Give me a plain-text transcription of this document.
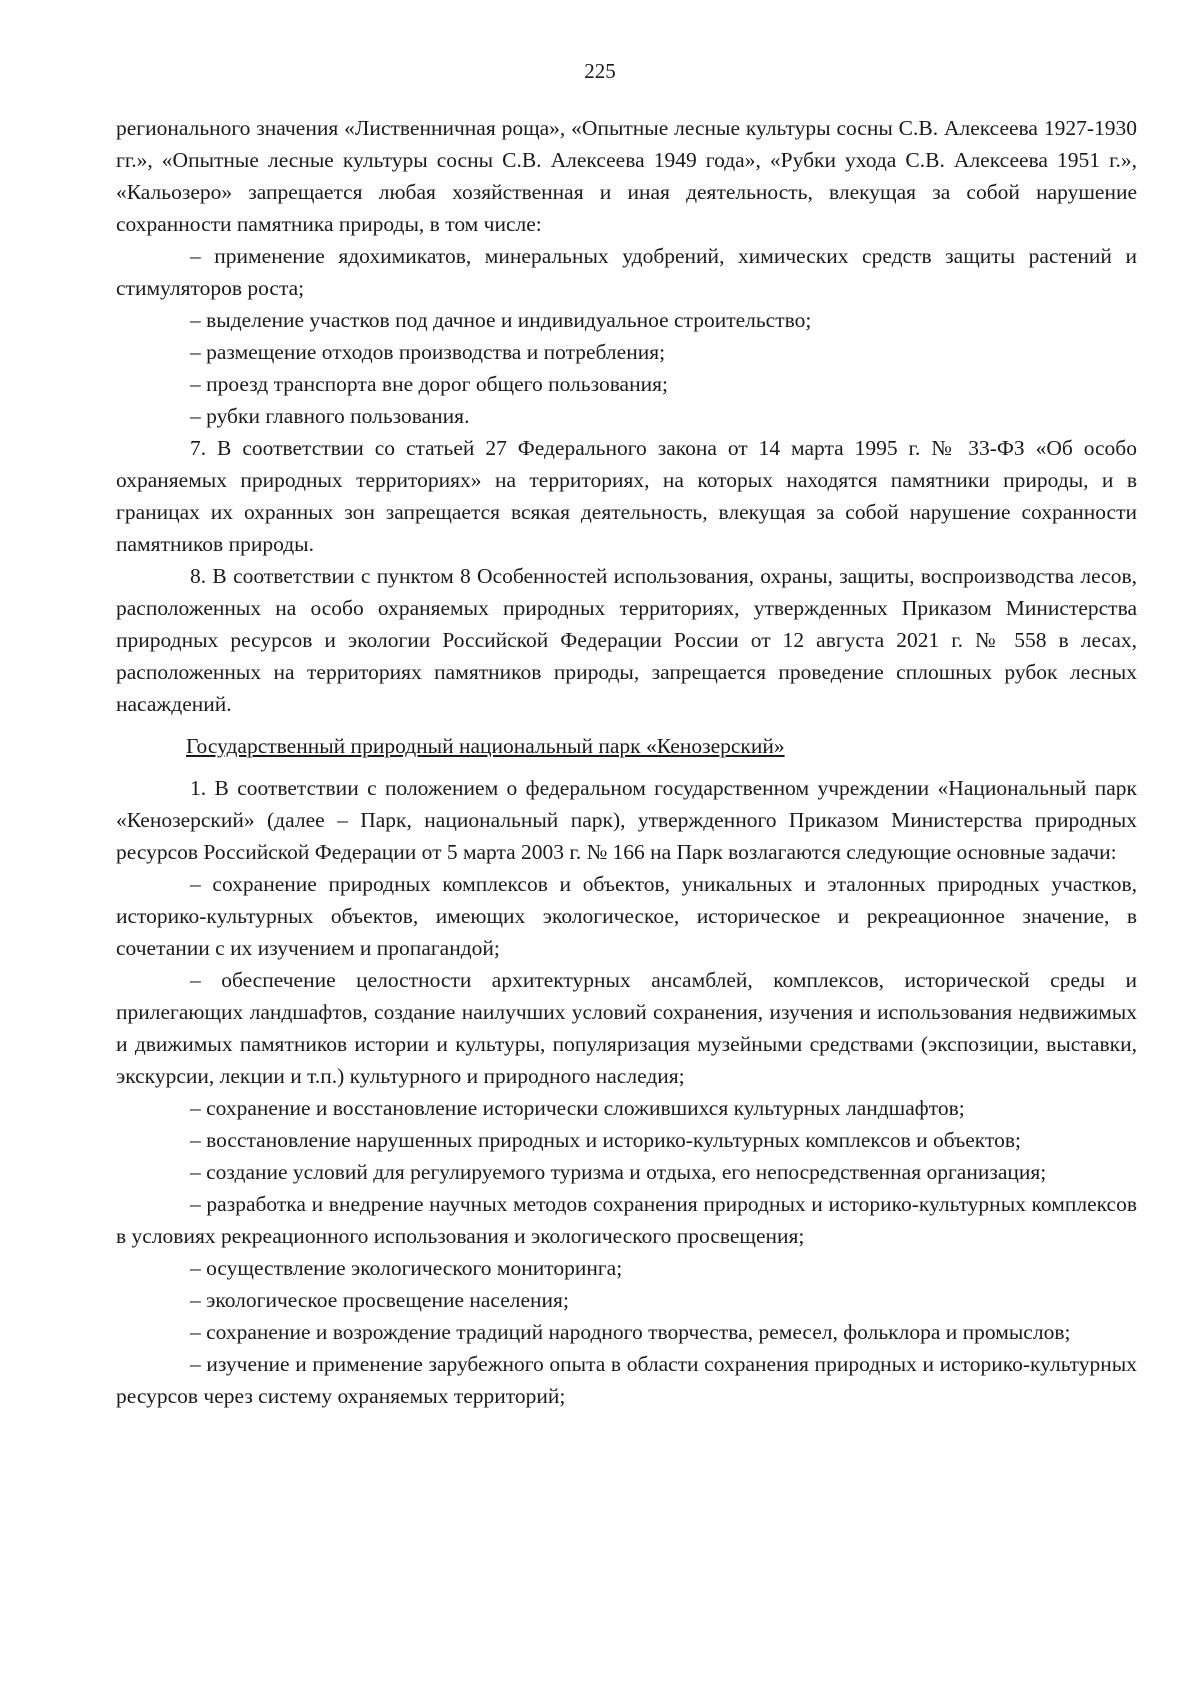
225

регионального значения «Лиственничная роща», «Опытные лесные культуры сосны С.В. Алексеева 1927-1930 гг.», «Опытные лесные культуры сосны С.В. Алексеева 1949 года», «Рубки ухода С.В. Алексеева 1951 г.», «Кальозеро» запрещается любая хозяйственная и иная деятельность, влекущая за собой нарушение сохранности памятника природы, в том числе:

– применение ядохимикатов, минеральных удобрений, химических средств защиты растений и стимуляторов роста;

– выделение участков под дачное и индивидуальное строительство;

– размещение отходов производства и потребления;

– проезд транспорта вне дорог общего пользования;

– рубки главного пользования.

7. В соответствии со статьей 27 Федерального закона от 14 марта 1995 г. № 33-ФЗ «Об особо охраняемых природных территориях» на территориях, на которых находятся памятники природы, и в границах их охранных зон запрещается всякая деятельность, влекущая за собой нарушение сохранности памятников природы.

8. В соответствии с пунктом 8 Особенностей использования, охраны, защиты, воспроизводства лесов, расположенных на особо охраняемых природных территориях, утвержденных Приказом Министерства природных ресурсов и экологии Российской Федерации России от 12 августа 2021 г. № 558 в лесах, расположенных на территориях памятников природы, запрещается проведение сплошных рубок лесных насаждений.

Государственный природный национальный парк «Кенозерский»

1. В соответствии с положением о федеральном государственном учреждении «Национальный парк «Кенозерский» (далее – Парк, национальный парк), утвержденного Приказом Министерства природных ресурсов Российской Федерации от 5 марта 2003 г. № 166 на Парк возлагаются следующие основные задачи:

– сохранение природных комплексов и объектов, уникальных и эталонных природных участков, историко-культурных объектов, имеющих экологическое, историческое и рекреационное значение, в сочетании с их изучением и пропагандой;

– обеспечение целостности архитектурных ансамблей, комплексов, исторической среды и прилегающих ландшафтов, создание наилучших условий сохранения, изучения и использования недвижимых и движимых памятников истории и культуры, популяризация музейными средствами (экспозиции, выставки, экскурсии, лекции и т.п.) культурного и природного наследия;

– сохранение и восстановление исторически сложившихся культурных ландшафтов;

– восстановление нарушенных природных и историко-культурных комплексов и объектов;

– создание условий для регулируемого туризма и отдыха, его непосредственная организация;

– разработка и внедрение научных методов сохранения природных и историко-культурных комплексов в условиях рекреационного использования и экологического просвещения;

– осуществление экологического мониторинга;

– экологическое просвещение населения;

– сохранение и возрождение традиций народного творчества, ремесел, фольклора и промыслов;

– изучение и применение зарубежного опыта в области сохранения природных и историко-культурных ресурсов через систему охраняемых территорий;
